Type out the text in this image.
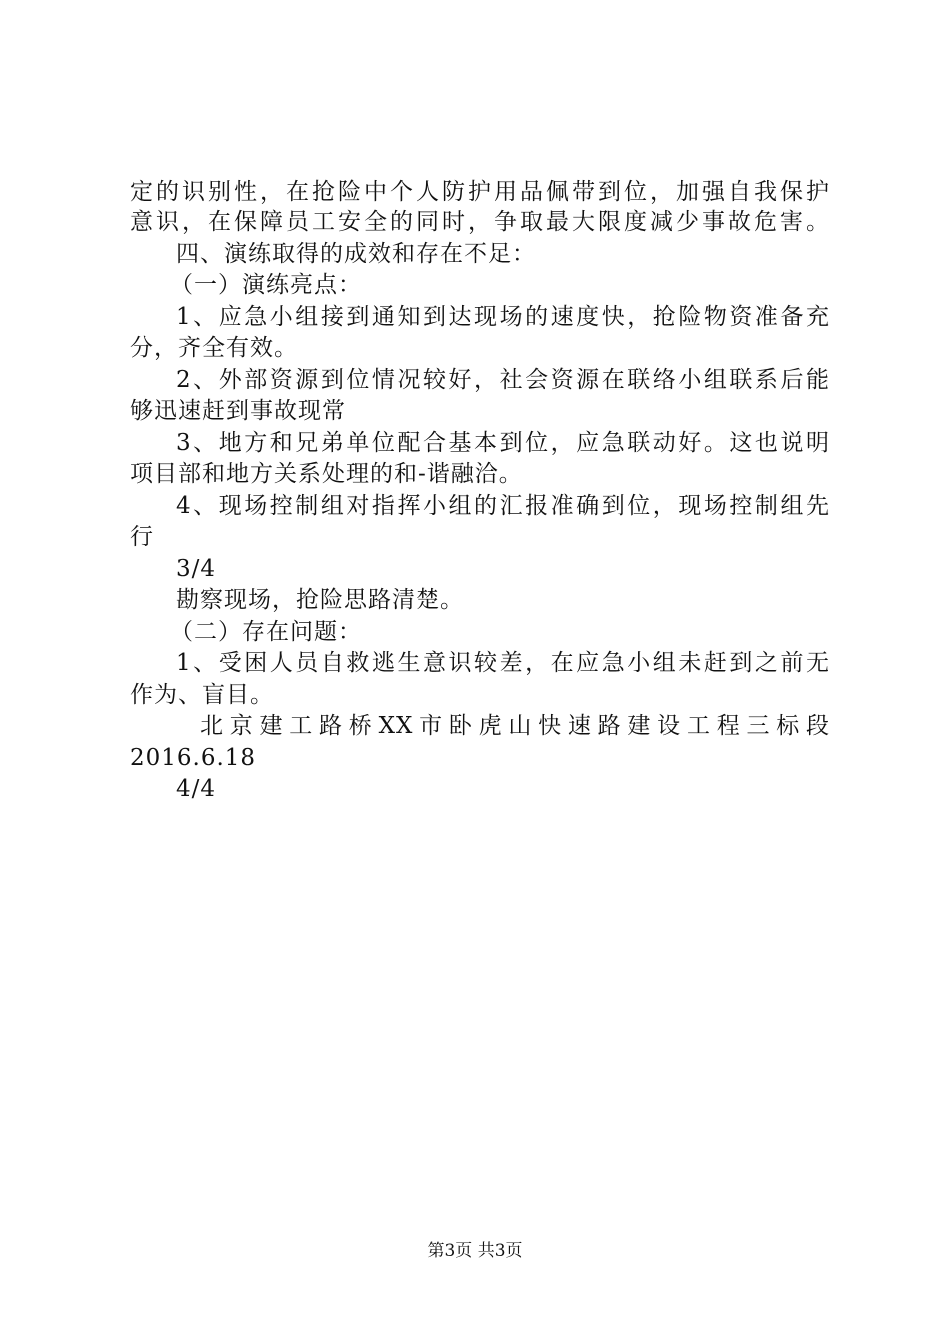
定的识别性，在抢险中个人防护用品佩带到位，加强自我保护
意识，在保障员工安全的同时，争取最大限度减少事故危害。
四、演练取得的成效和存在不足：
（一）演练亮点：
1、应急小组接到通知到达现场的速度快，抢险物资准备充
分，齐全有效。
2、外部资源到位情况较好，社会资源在联络小组联系后能
够迅速赶到事故现常
3、地方和兄弟单位配合基本到位，应急联动好。这也说明
项目部和地方关系处理的和-谐融洽。
4、现场控制组对指挥小组的汇报准确到位，现场控制组先
行
3/4
勘察现场，抢险思路清楚。
（二）存在问题：
1、受困人员自救逃生意识较差，在应急小组未赶到之前无
作为、盲目。
北京建工路桥XX市卧虎山快速路建设工程三标段
2016.6.18
4/4
第3页 共3页
